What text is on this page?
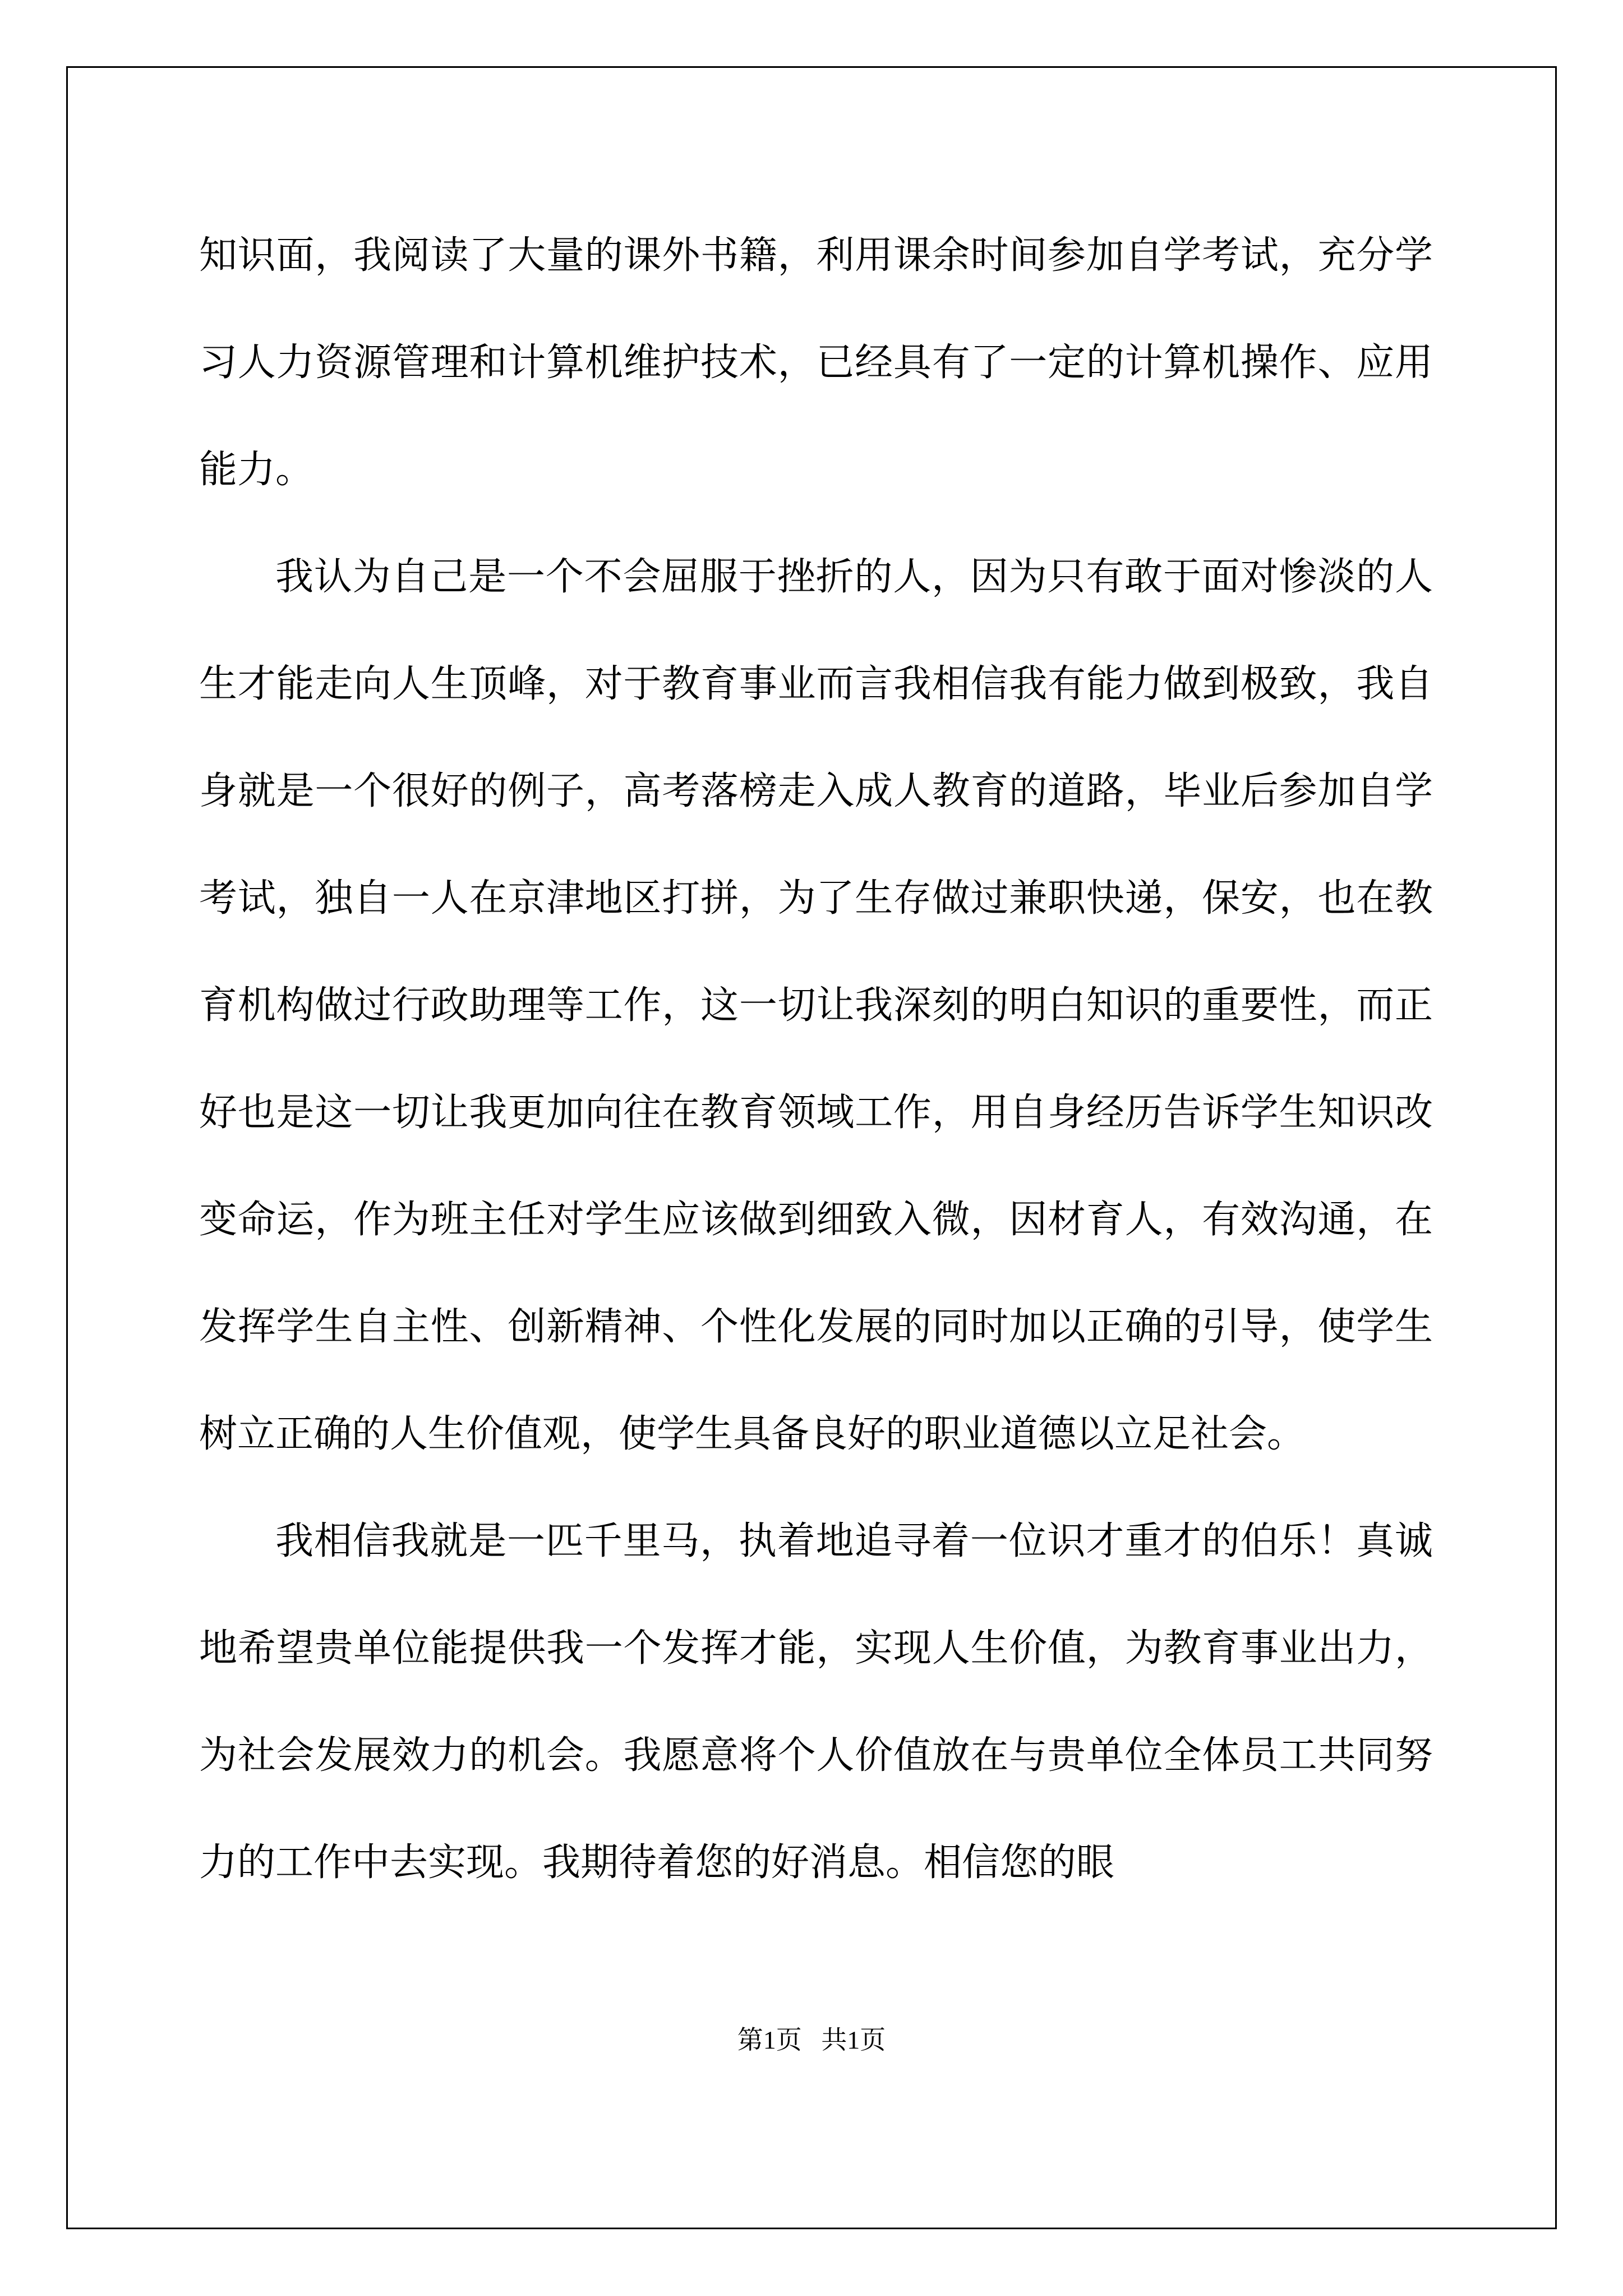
知识面，我阅读了大量的课外书籍，利用课余时间参加自学考试，充分学习人力资源管理和计算机维护技术，已经具有了一定的计算机操作、应用能力。

我认为自己是一个不会屈服于挫折的人，因为只有敢于面对惨淡的人生才能走向人生顶峰，对于教育事业而言我相信我有能力做到极致，我自身就是一个很好的例子，高考落榜走入成人教育的道路，毕业后参加自学考试，独自一人在京津地区打拼，为了生存做过兼职快递，保安，也在教育机构做过行政助理等工作，这一切让我深刻的明白知识的重要性，而正好也是这一切让我更加向往在教育领域工作，用自身经历告诉学生知识改变命运，作为班主任对学生应该做到细致入微，因材育人，有效沟通，在发挥学生自主性、创新精神、个性化发展的同时加以正确的引导，使学生树立正确的人生价值观，使学生具备良好的职业道德以立足社会。

我相信我就是一匹千里马，执着地追寻着一位识才重才的伯乐！真诚地希望贵单位能提供我一个发挥才能，实现人生价值，为教育事业出力，为社会发展效力的机会。我愿意将个人价值放在与贵单位全体员工共同努力的工作中去实现。我期待着您的好消息。相信您的眼

第1页   共1页
